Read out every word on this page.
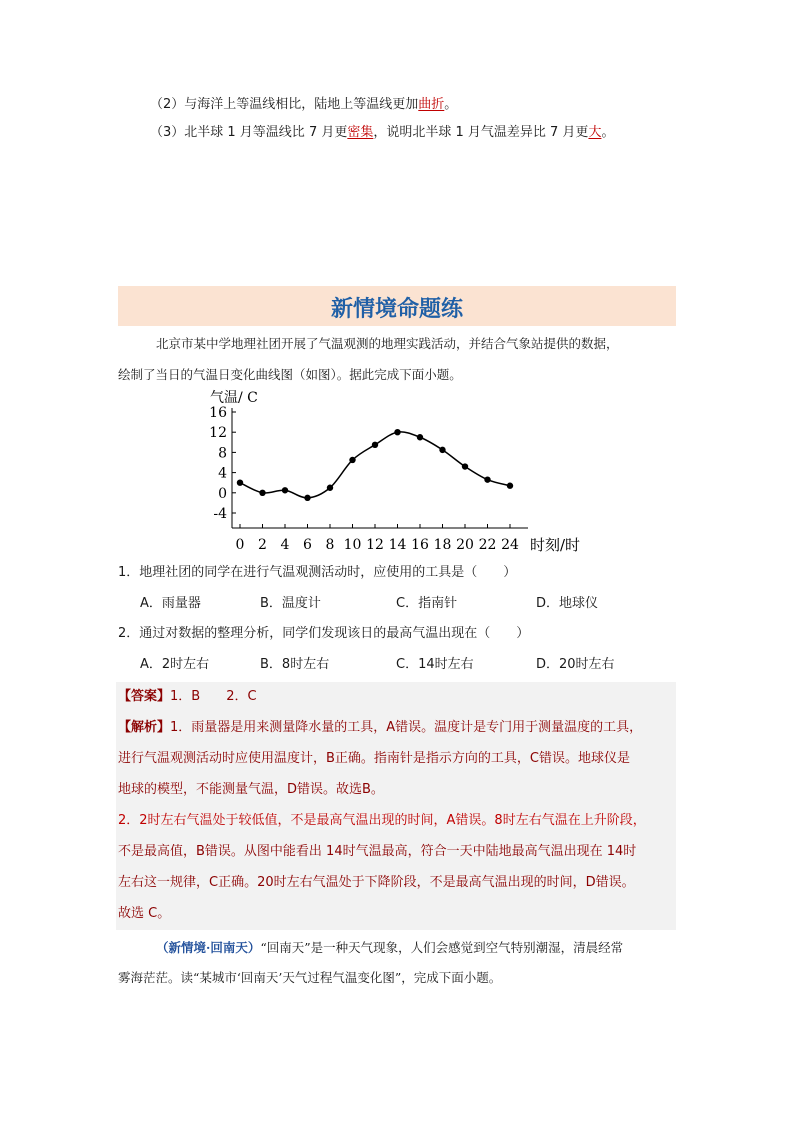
（2）与海洋上等温线相比，陆地上等温线更加曲折。
（3）北半球 1 月等温线比 7 月更密集，说明北半球 1 月气温差异比 7 月更大。
新情境命题练
北京市某中学地理社团开展了气温观测的地理实践活动，并结合气象站提供的数据，
绘制了当日的气温日变化曲线图（如图）。据此完成下面小题。
气温/ C
16
12
8
4
0
-4
0 2 4 6 8 10 12 14 16 18 20 22 24 时刻/时
1．地理社团的同学在进行气温观测活动时，应使用的工具是（　　）
A．雨量器	B．温度计	C．指南针	D．地球仪
2．通过对数据的整理分析，同学们发现该日的最高气温出现在（　　）
A．2时左右	B．8时左右	C．14时左右	D．20时左右
【答案】1．B　　2．C
【解析】1．雨量器是用来测量降水量的工具，A错误。温度计是专门用于测量温度的工具，
进行气温观测活动时应使用温度计，B正确。指南针是指示方向的工具，C错误。地球仪是
地球的模型，不能测量气温，D错误。故选B。
2．2时左右气温处于较低值，不是最高气温出现的时间，A错误。8时左右气温在上升阶段，
不是最高值，B错误。从图中能看出 14时气温最高，符合一天中陆地最高气温出现在 14时
左右这一规律，C正确。20时左右气温处于下降阶段，不是最高气温出现的时间，D错误。
故选 C。
（新情境·回南天）“回南天”是一种天气现象，人们会感觉到空气特别潮湿，清晨经常
雾海茫茫。读“某城市‘回南天’天气过程气温变化图”，完成下面小题。
